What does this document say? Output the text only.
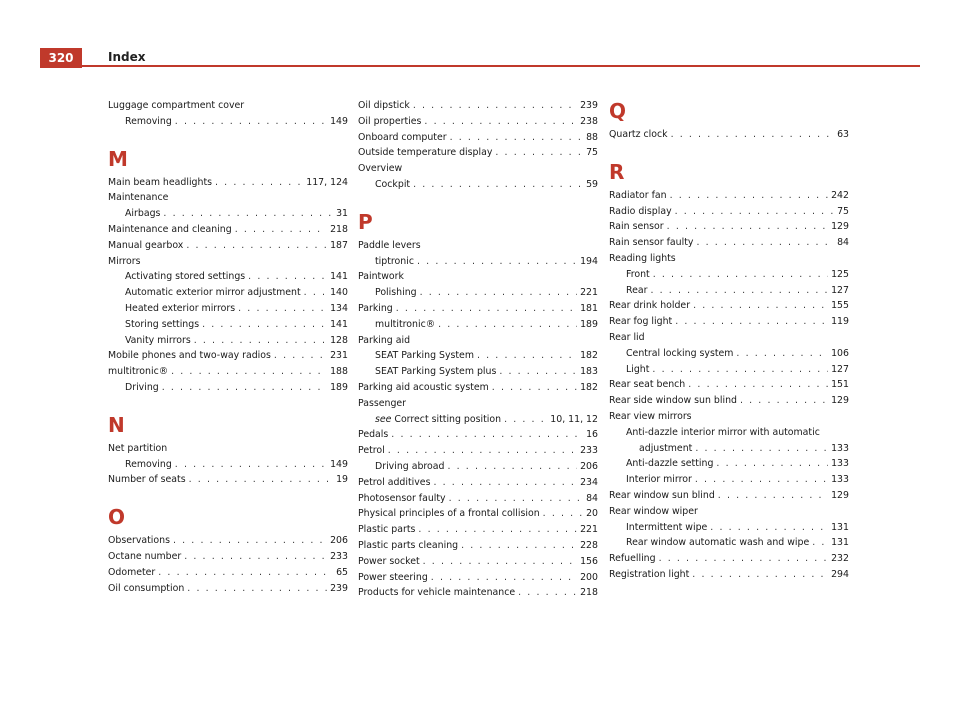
320	Index
Luggage compartment cover
Removing . . .	149
M
Main beam headlights . . .	117, 124
Maintenance
Airbags . . .	31
Maintenance and cleaning . . .	218
Manual gearbox . . .	187
Mirrors
Activating stored settings . . .	141
Automatic exterior mirror adjustment . . .	140
Heated exterior mirrors . . .	134
Storing settings . . .	141
Vanity mirrors . . .	128
Mobile phones and two-way radios . . .	231
multitronic® . . .	188
Driving . . .	189
N
Net partition
Removing . . .	149
Number of seats . . .	19
O
Observations . . .	206
Octane number . . .	233
Odometer . . .	65
Oil consumption . . .	239
Oil dipstick . . .	239
Oil properties . . .	238
Onboard computer . . .	88
Outside temperature display . . .	75
Overview
Cockpit . . .	59
P
Paddle levers
tiptronic . . .	194
Paintwork
Polishing . . .	221
Parking . . .	181
multitronic® . . .	189
Parking aid
SEAT Parking System . . .	182
SEAT Parking System plus . . .	183
Parking aid acoustic system . . .	182
Passenger
see Correct sitting position . . .	10, 11, 12
Pedals . . .	16
Petrol . . .	233
Driving abroad . . .	206
Petrol additives . . .	234
Photosensor faulty . . .	84
Physical principles of a frontal collision . . .	20
Plastic parts . . .	221
Plastic parts cleaning . . .	228
Power socket . . .	156
Power steering . . .	200
Products for vehicle maintenance . . .	218
Q
Quartz clock . . .	63
R
Radiator fan . . .	242
Radio display . . .	75
Rain sensor . . .	129
Rain sensor faulty . . .	84
Reading lights
Front . . .	125
Rear . . .	127
Rear drink holder . . .	155
Rear fog light . . .	119
Rear lid
Central locking system . . .	106
Light . . .	127
Rear seat bench . . .	151
Rear side window sun blind . . .	129
Rear view mirrors
Anti-dazzle interior mirror with automatic
adjustment . . .	133
Anti-dazzle setting . . .	133
Interior mirror . . .	133
Rear window sun blind . . .	129
Rear window wiper
Intermittent wipe . . .	131
Rear window automatic wash and wipe . . . 131
Refuelling . . .	232
Registration light . . .	294
